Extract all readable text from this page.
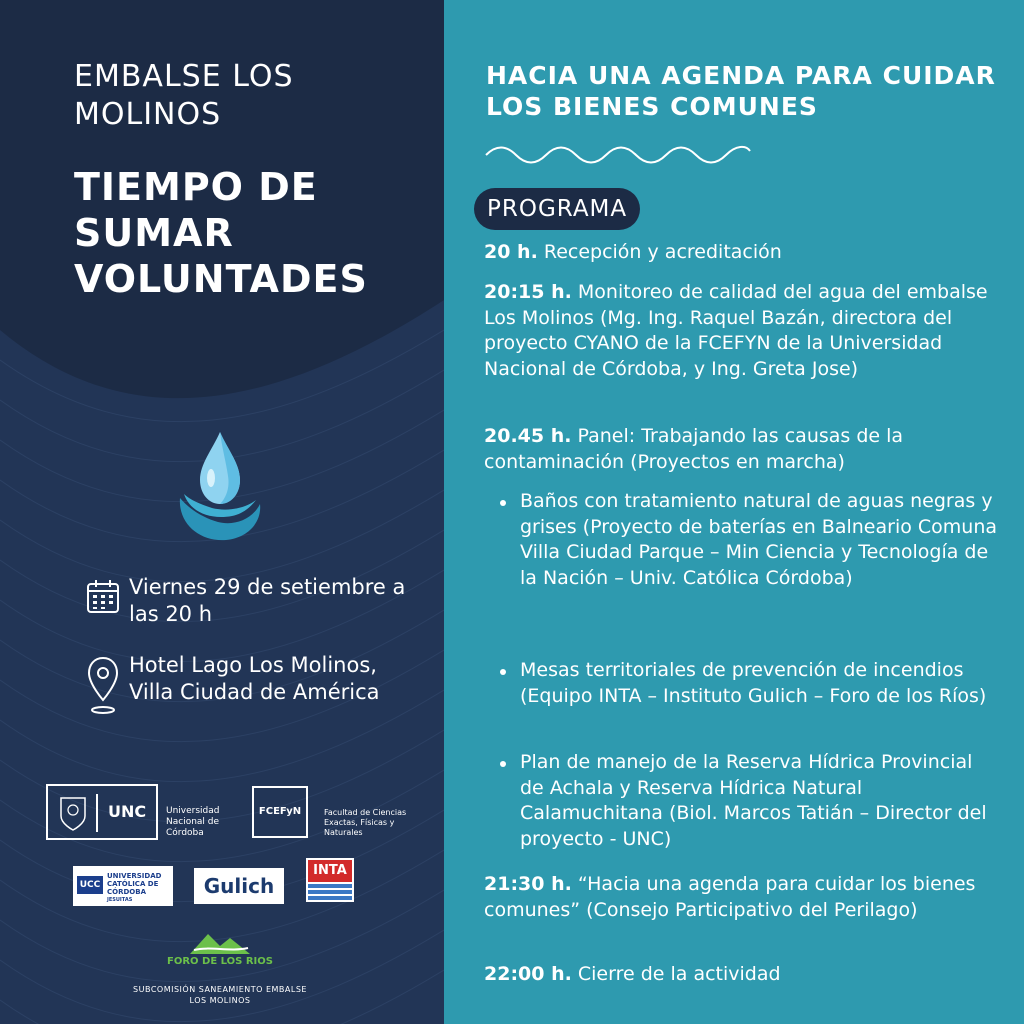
EMBALSE LOS MOLINOS
TIEMPO DE SUMAR VOLUNTADES
Viernes 29 de setiembre a las 20 h
Hotel Lago Los Molinos, Villa Ciudad de América
UNC Universidad Nacional de Córdoba
FCEFyN	Facultad de Ciencias Exactas, Físicas y Naturales
UCC
UNIVERSIDAD CATÓLICA DE CÓRDOBA
JESUITAS
Gulich
INTA
FORO DE LOS RIOS
SUBCOMISIÓN SANEAMIENTO EMBALSE LOS MOLINOS
HACIA UNA AGENDA PARA CUIDAR LOS BIENES COMUNES
PROGRAMA
20 h. Recepción y acreditación
20:15 h. Monitoreo de calidad del agua del embalse Los Molinos (Mg. Ing. Raquel Bazán, directora del proyecto CYANO de la FCEFYN de la Universidad Nacional de Córdoba, y Ing. Greta Jose)
20.45 h. Panel: Trabajando las causas de la contaminación (Proyectos en marcha)
Baños con tratamiento natural de aguas negras y grises (Proyecto de baterías en Balneario Comuna Villa Ciudad Parque – Min Ciencia y Tecnología de la Nación – Univ. Católica Córdoba)
Mesas territoriales de prevención de incendios (Equipo INTA – Instituto Gulich – Foro de los Ríos)
Plan de manejo de la Reserva Hídrica Provincial de Achala y Reserva Hídrica Natural Calamuchitana (Biol. Marcos Tatián – Director del proyecto - UNC)
21:30 h. “Hacia una agenda para cuidar los bienes comunes” (Consejo Participativo del Perilago)
22:00 h. Cierre de la actividad
